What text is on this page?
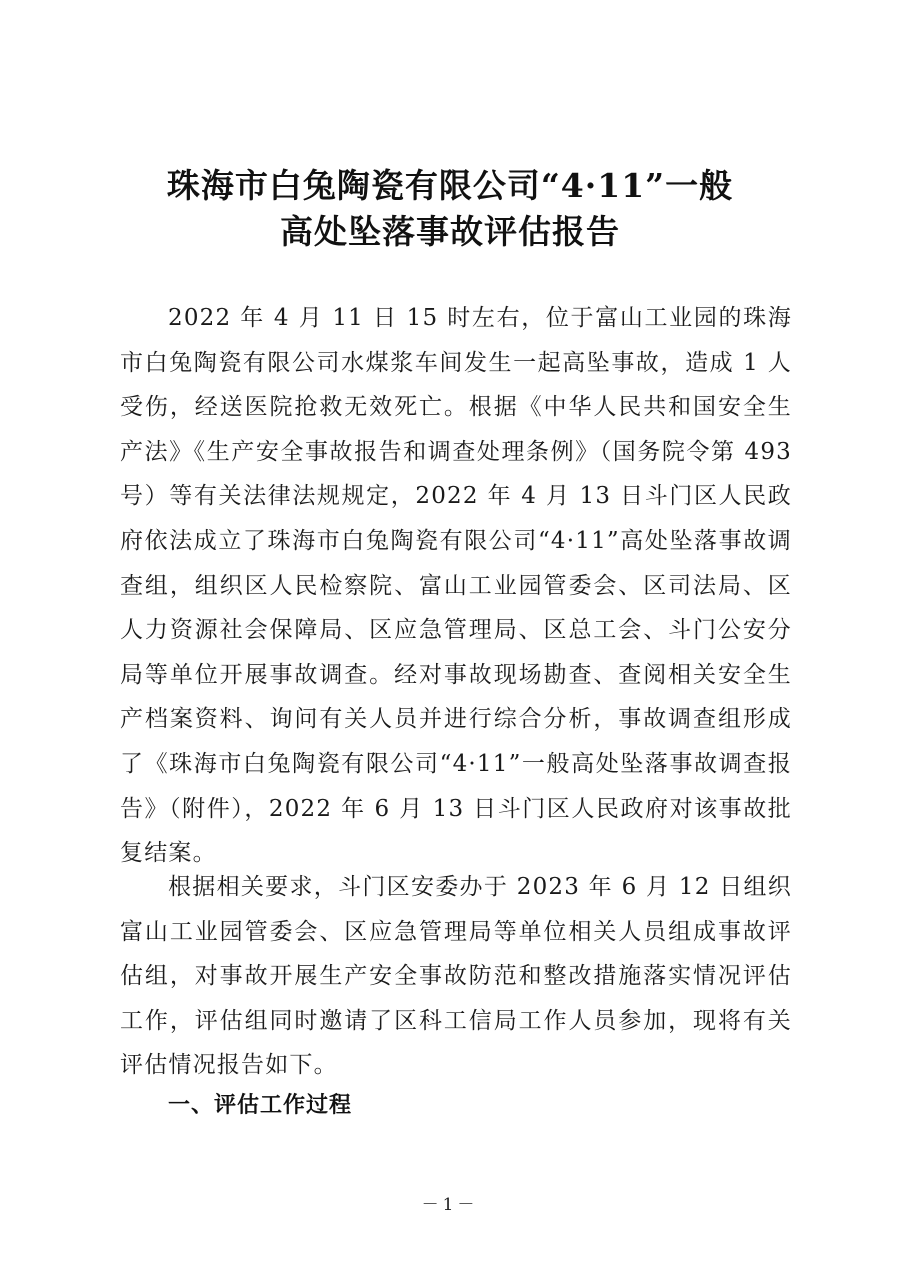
珠海市白兔陶瓷有限公司“4·11”一般
高处坠落事故评估报告

2022 年 4 月 11 日 15 时左右，位于富山工业园的珠海市白兔陶瓷有限公司水煤浆车间发生一起高坠事故，造成 1 人受伤，经送医院抢救无效死亡。根据《中华人民共和国安全生产法》《生产安全事故报告和调查处理条例》（国务院令第 493 号）等有关法律法规规定，2022 年 4 月 13 日斗门区人民政府依法成立了珠海市白兔陶瓷有限公司“4·11”高处坠落事故调查组，组织区人民检察院、富山工业园管委会、区司法局、区人力资源社会保障局、区应急管理局、区总工会、斗门公安分局等单位开展事故调查。经对事故现场勘查、查阅相关安全生产档案资料、询问有关人员并进行综合分析，事故调查组形成了《珠海市白兔陶瓷有限公司“4·11”一般高处坠落事故调查报告》（附件），2022 年 6 月 13 日斗门区人民政府对该事故批复结案。

根据相关要求，斗门区安委办于 2023 年 6 月 12 日组织富山工业园管委会、区应急管理局等单位相关人员组成事故评估组，对事故开展生产安全事故防范和整改措施落实情况评估工作，评估组同时邀请了区科工信局工作人员参加，现将有关评估情况报告如下。

一、评估工作过程
－1－
